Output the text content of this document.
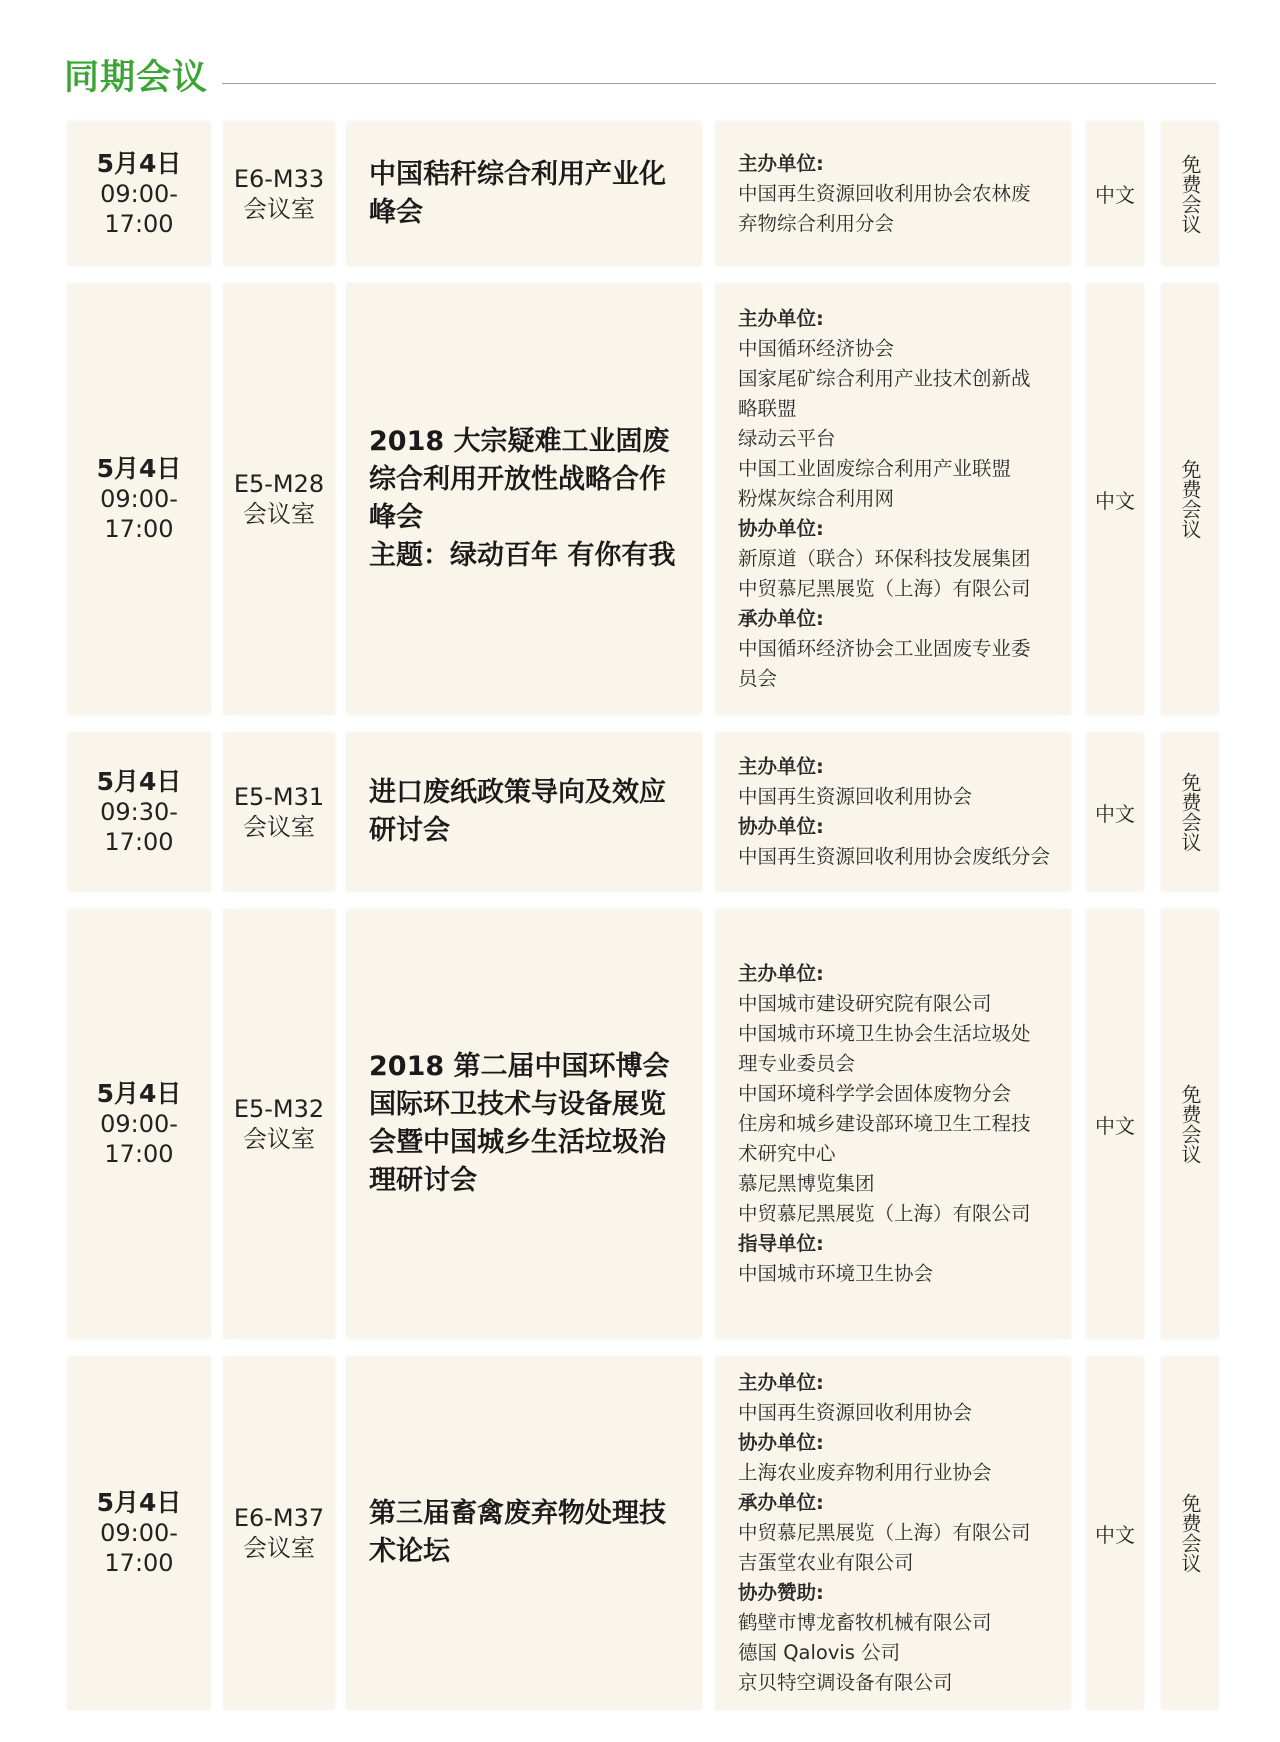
同期会议
5月4日
09:00-17:00
E6-M33
会议室
中国秸秆综合利用产业化
峰会
主办单位:
中国再生资源回收利用协会农林废
弃物综合利用分会
中文 免费会议
5月4日
09:00-17:00
E5-M28
会议室
2018 大宗疑难工业固废
综合利用开放性战略合作
峰会
主题：绿动百年 有你有我
主办单位:
中国循环经济协会
国家尾矿综合利用产业技术创新战
略联盟
绿动云平台
中国工业固废综合利用产业联盟
粉煤灰综合利用网
协办单位:
新原道（联合）环保科技发展集团
中贸慕尼黑展览（上海）有限公司
承办单位:
中国循环经济协会工业固废专业委
员会
中文 免费会议
5月4日
09:30-17:00
E5-M31
会议室
进口废纸政策导向及效应
研讨会
主办单位:
中国再生资源回收利用协会
协办单位:
中国再生资源回收利用协会废纸分会
中文 免费会议
5月4日
09:00-17:00
E5-M32
会议室
2018 第二届中国环博会
国际环卫技术与设备展览
会暨中国城乡生活垃圾治
理研讨会
主办单位:
中国城市建设研究院有限公司
中国城市环境卫生协会生活垃圾处
理专业委员会
中国环境科学学会固体废物分会
住房和城乡建设部环境卫生工程技
术研究中心
慕尼黑博览集团
中贸慕尼黑展览（上海）有限公司
指导单位:
中国城市环境卫生协会
中文 免费会议
5月4日
09:00-17:00
E6-M37
会议室
第三届畜禽废弃物处理技
术论坛
主办单位:
中国再生资源回收利用协会
协办单位:
上海农业废弃物利用行业协会
承办单位:
中贸慕尼黑展览（上海）有限公司
吉蛋堂农业有限公司
协办赞助:
鹤壁市博龙畜牧机械有限公司
德国 Qalovis 公司
京贝特空调设备有限公司
中文 免费会议
